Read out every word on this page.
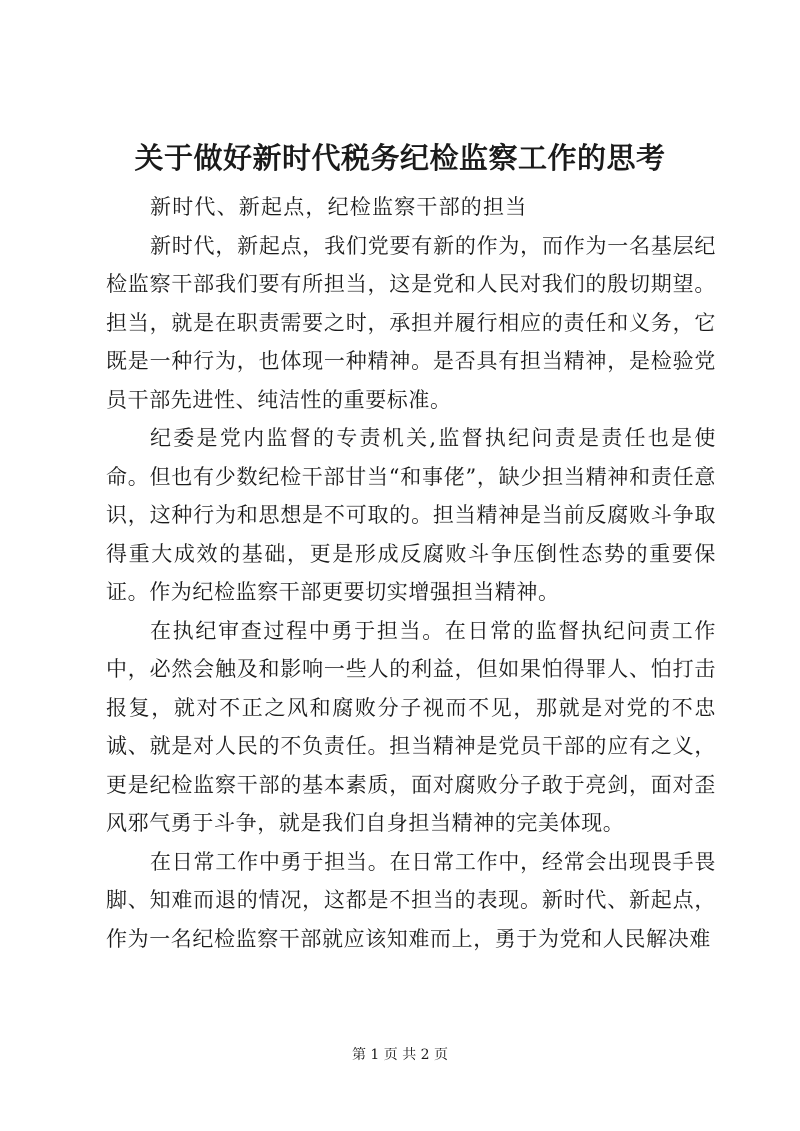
关于做好新时代税务纪检监察工作的思考

新时代、新起点，纪检监察干部的担当

新时代，新起点，我们党要有新的作为，而作为一名基层纪检监察干部我们要有所担当，这是党和人民对我们的殷切期望。担当，就是在职责需要之时，承担并履行相应的责任和义务，它既是一种行为，也体现一种精神。是否具有担当精神，是检验党员干部先进性、纯洁性的重要标准。

纪委是党内监督的专责机关,监督执纪问责是责任也是使命。但也有少数纪检干部甘当“和事佬”，缺少担当精神和责任意识，这种行为和思想是不可取的。担当精神是当前反腐败斗争取得重大成效的基础，更是形成反腐败斗争压倒性态势的重要保证。作为纪检监察干部更要切实增强担当精神。

在执纪审查过程中勇于担当。在日常的监督执纪问责工作中，必然会触及和影响一些人的利益，但如果怕得罪人、怕打击报复，就对不正之风和腐败分子视而不见，那就是对党的不忠诚、就是对人民的不负责任。担当精神是党员干部的应有之义，更是纪检监察干部的基本素质，面对腐败分子敢于亮剑，面对歪风邪气勇于斗争，就是我们自身担当精神的完美体现。

在日常工作中勇于担当。在日常工作中，经常会出现畏手畏脚、知难而退的情况，这都是不担当的表现。新时代、新起点，作为一名纪检监察干部就应该知难而上，勇于为党和人民解决难

第 1 页 共 2 页
